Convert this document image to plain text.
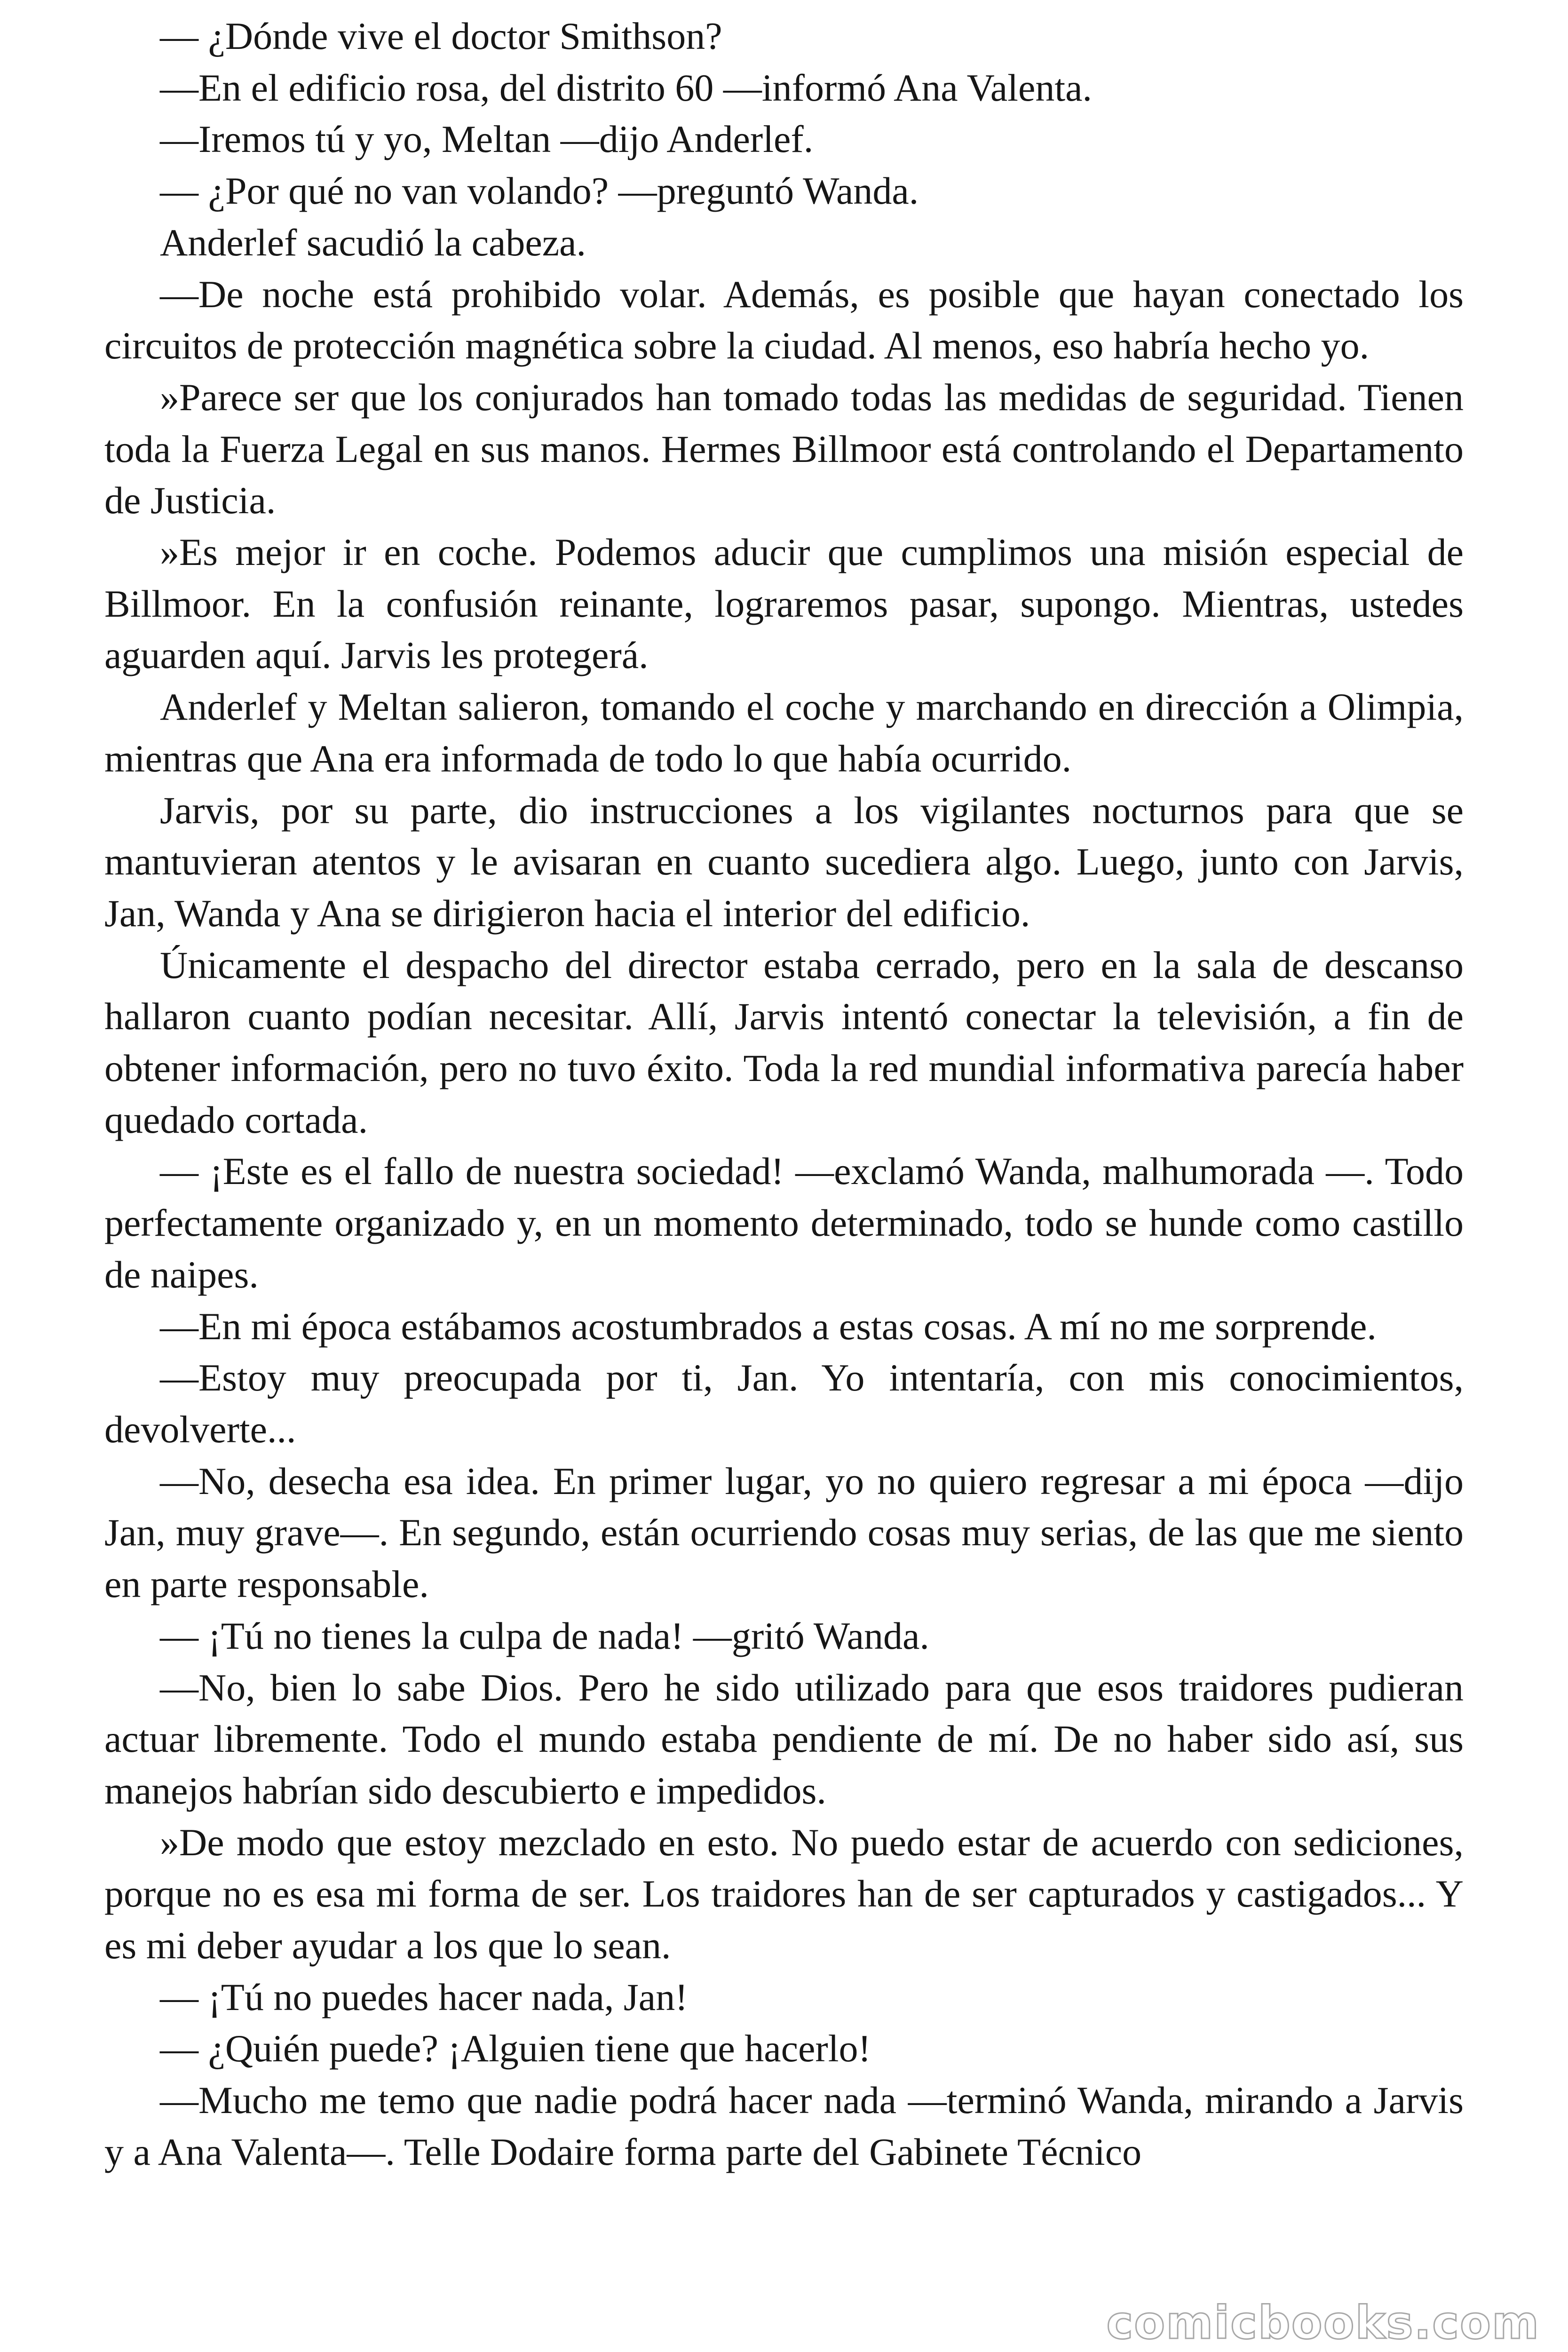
— ¿Dónde vive el doctor Smithson?

—En el edificio rosa, del distrito 60 —informó Ana Valenta.

—Iremos tú y yo, Meltan —dijo Anderlef.

— ¿Por qué no van volando? —preguntó Wanda.

Anderlef sacudió la cabeza.

—De noche está prohibido volar. Además, es posible que hayan conectado los circuitos de protección magnética sobre la ciudad. Al menos, eso habría hecho yo.

»Parece ser que los conjurados han tomado todas las medidas de seguridad. Tienen toda la Fuerza Legal en sus manos. Hermes Billmoor está controlando el Departamento de Justicia.

»Es mejor ir en coche. Podemos aducir que cumplimos una misión especial de Billmoor. En la confusión reinante, lograremos pasar, supongo. Mientras, ustedes aguarden aquí. Jarvis les protegerá.

Anderlef y Meltan salieron, tomando el coche y marchando en dirección a Olimpia, mientras que Ana era informada de todo lo que había ocurrido.

Jarvis, por su parte, dio instrucciones a los vigilantes nocturnos para que se mantuvieran atentos y le avisaran en cuanto sucediera algo. Luego, junto con Jarvis, Jan, Wanda y Ana se dirigieron hacia el interior del edificio.

Únicamente el despacho del director estaba cerrado, pero en la sala de descanso hallaron cuanto podían necesitar. Allí, Jarvis intentó conectar la televisión, a fin de obtener información, pero no tuvo éxito. Toda la red mundial informativa parecía haber quedado cortada.

— ¡Este es el fallo de nuestra sociedad! —exclamó Wanda, malhumorada —. Todo perfectamente organizado y, en un momento determinado, todo se hunde como castillo de naipes.

—En mi época estábamos acostumbrados a estas cosas. A mí no me sorprende.

—Estoy muy preocupada por ti, Jan. Yo intentaría, con mis conocimientos, devolverte...

—No, desecha esa idea. En primer lugar, yo no quiero regresar a mi época —dijo Jan, muy grave—. En segundo, están ocurriendo cosas muy serias, de las que me siento en parte responsable.

— ¡Tú no tienes la culpa de nada! —gritó Wanda.

—No, bien lo sabe Dios. Pero he sido utilizado para que esos traidores pudieran actuar libremente. Todo el mundo estaba pendiente de mí. De no haber sido así, sus manejos habrían sido descubierto e impedidos.

»De modo que estoy mezclado en esto. No puedo estar de acuerdo con sediciones, porque no es esa mi forma de ser. Los traidores han de ser capturados y castigados... Y es mi deber ayudar a los que lo sean.

— ¡Tú no puedes hacer nada, Jan!

— ¿Quién puede? ¡Alguien tiene que hacerlo!

—Mucho me temo que nadie podrá hacer nada —terminó Wanda, mirando a Jarvis y a Ana Valenta—. Telle Dodaire forma parte del Gabinete Técnico

comicbooks.com
